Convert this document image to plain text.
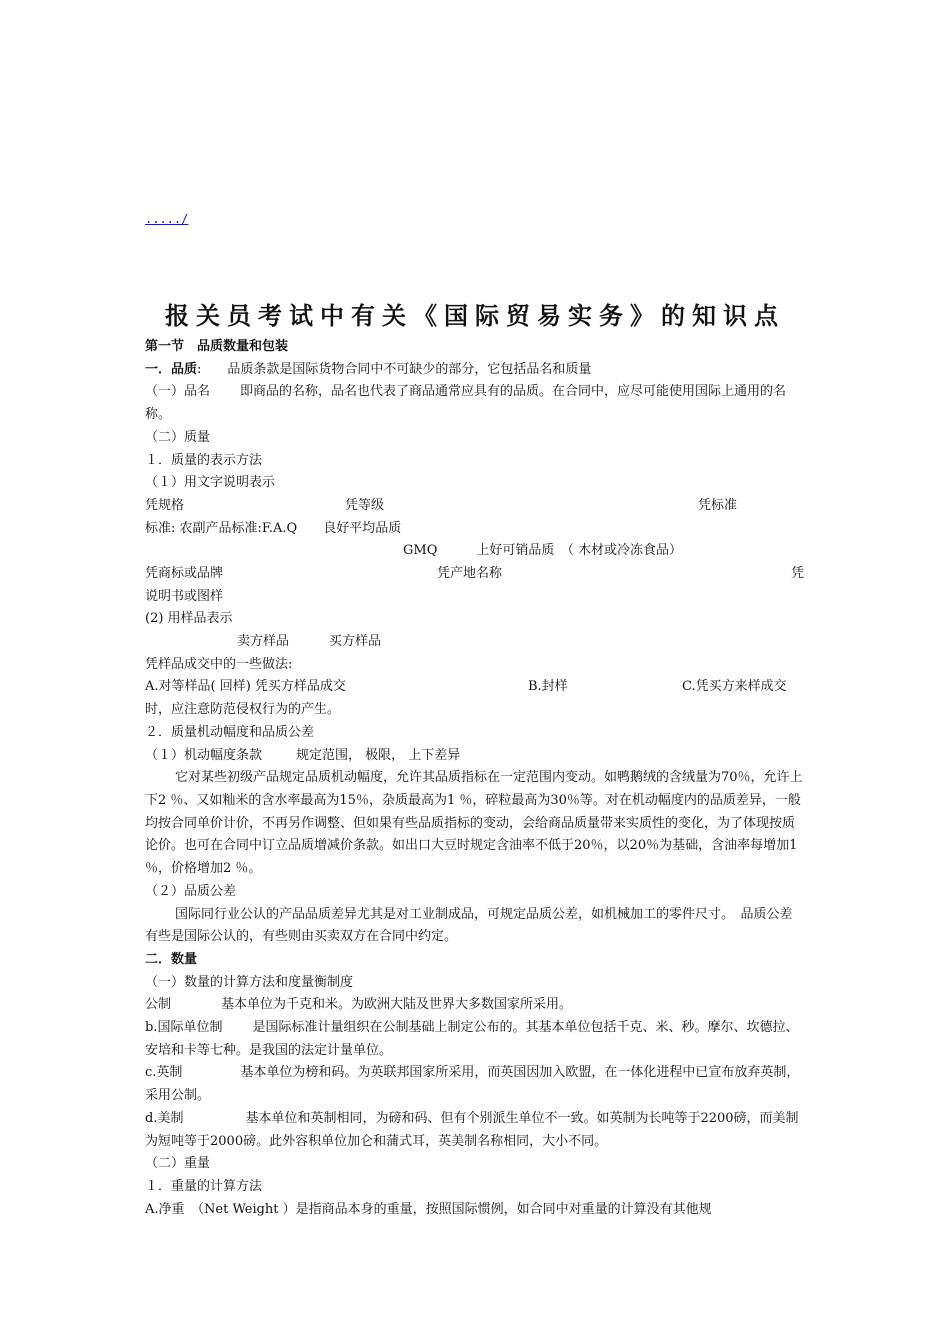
...../
报关员考试中有关《国际贸易实务》的知识点

第一节　品质数量和包装

一．品质:　　品质条款是国际货物合同中不可缺少的部分，它包括品名和质量

（一）品名 即商品的名称，品名也代表了商品通常应具有的品质。在合同中，应尽可能使用国际上通用的名称。

（二）质量

１．质量的表示方法

（１）用文字说明表示

凭规格	凭等级	凭标准

标准: 农副产品标准:F.A.Q　　良好平均品质

GMQ　　　上好可销品质　（ 木材或冷冻食品）
凭商标或品牌	凭产地名称	凭

说明书或图样

(2) 用样品表示

卖方样品	买方样品

凭样品成交中的一些做法:

A.对等样品( 回样) 凭买方样品成交	B.封样	C.凭买方来样成交

时，应注意防范侵权行为的产生。

２．质量机动幅度和品质公差

（１）机动幅度条款	规定范围， 极限， 上下差异

它对某些初级产品规定品质机动幅度，允许其品质指标在一定范围内变动。如鸭鹅绒的含绒量为70％，允许上下2 ％、又如籼米的含水率最高为15％，杂质最高为1 ％，碎粒最高为30％等。对在机动幅度内的品质差异，一般均按合同单价计价，不再另作调整、但如果有些品质指标的变动，会给商品质量带来实质性的变化，为了体现按质论价。也可在合同中订立品质增减价条款。如出口大豆时规定含油率不低于20％，以20％为基础，含油率每增加1 ％，价格增加2 ％。

（２）品质公差

国际同行业公认的产品品质差异尤其是对工业制成品，可规定品质公差，如机械加工的零件尺寸。　品质公差有些是国际公认的，有些则由买卖双方在合同中约定。

二．数量

（一）数量的计算方法和度量衡制度

公制	基本单位为千克和米。为欧洲大陆及世界大多数国家所采用。

b.国际单位制 是国际标准计量组织在公制基础上制定公布的。其基本单位包括千克、米、秒。摩尔、坎德拉、安培和卡等七种。是我国的法定计量单位。

c.英制	基本单位为榜和码。为英联邦国家所采用，而英国因加入欧盟，在一体化进程中已宣布放弃英制，采用公制。

d.美制	基本单位和英制相同，为磅和码、但有个别派生单位不一致。如英制为长吨等于2200磅，而美制为短吨等于2000磅。此外容积单位加仑和蒲式耳，英美制名称相同，大小不同。

（二）重量

１．重量的计算方法

A.净重　（Net Weight ）是指商品本身的重量，按照国际惯例，如合同中对重量的计算没有其他规
